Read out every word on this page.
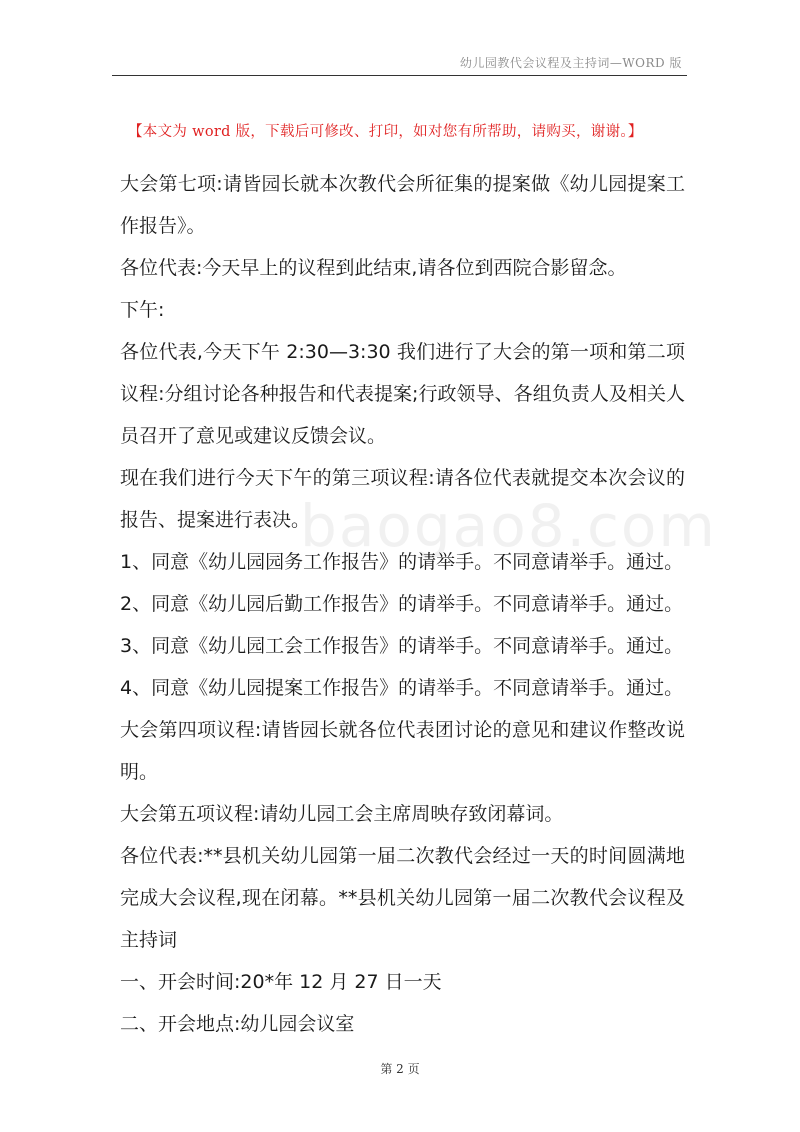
幼儿园教代会议程及主持词—WORD 版
【本文为 word 版，下载后可修改、打印，如对您有所帮助，请购买，谢谢。】
baogao8.com

大会第七项:请皆园长就本次教代会所征集的提案做《幼儿园提案工作报告》。

各位代表:今天早上的议程到此结束,请各位到西院合影留念。

下午:

各位代表,今天下午 2:30—3:30 我们进行了大会的第一项和第二项议程:分组讨论各种报告和代表提案;行政领导、各组负责人及相关人员召开了意见或建议反馈会议。

现在我们进行今天下午的第三项议程:请各位代表就提交本次会议的报告、提案进行表决。

1、同意《幼儿园园务工作报告》的请举手。不同意请举手。通过。

2、同意《幼儿园后勤工作报告》的请举手。不同意请举手。通过。

3、同意《幼儿园工会工作报告》的请举手。不同意请举手。通过。

4、同意《幼儿园提案工作报告》的请举手。不同意请举手。通过。

大会第四项议程:请皆园长就各位代表团讨论的意见和建议作整改说明。

大会第五项议程:请幼儿园工会主席周映存致闭幕词。

各位代表:**县机关幼儿园第一届二次教代会经过一天的时间圆满地完成大会议程,现在闭幕。**县机关幼儿园第一届二次教代会议程及主持词

一、开会时间:20*年 12 月 27 日一天

二、开会地点:幼儿园会议室

第 2 页
